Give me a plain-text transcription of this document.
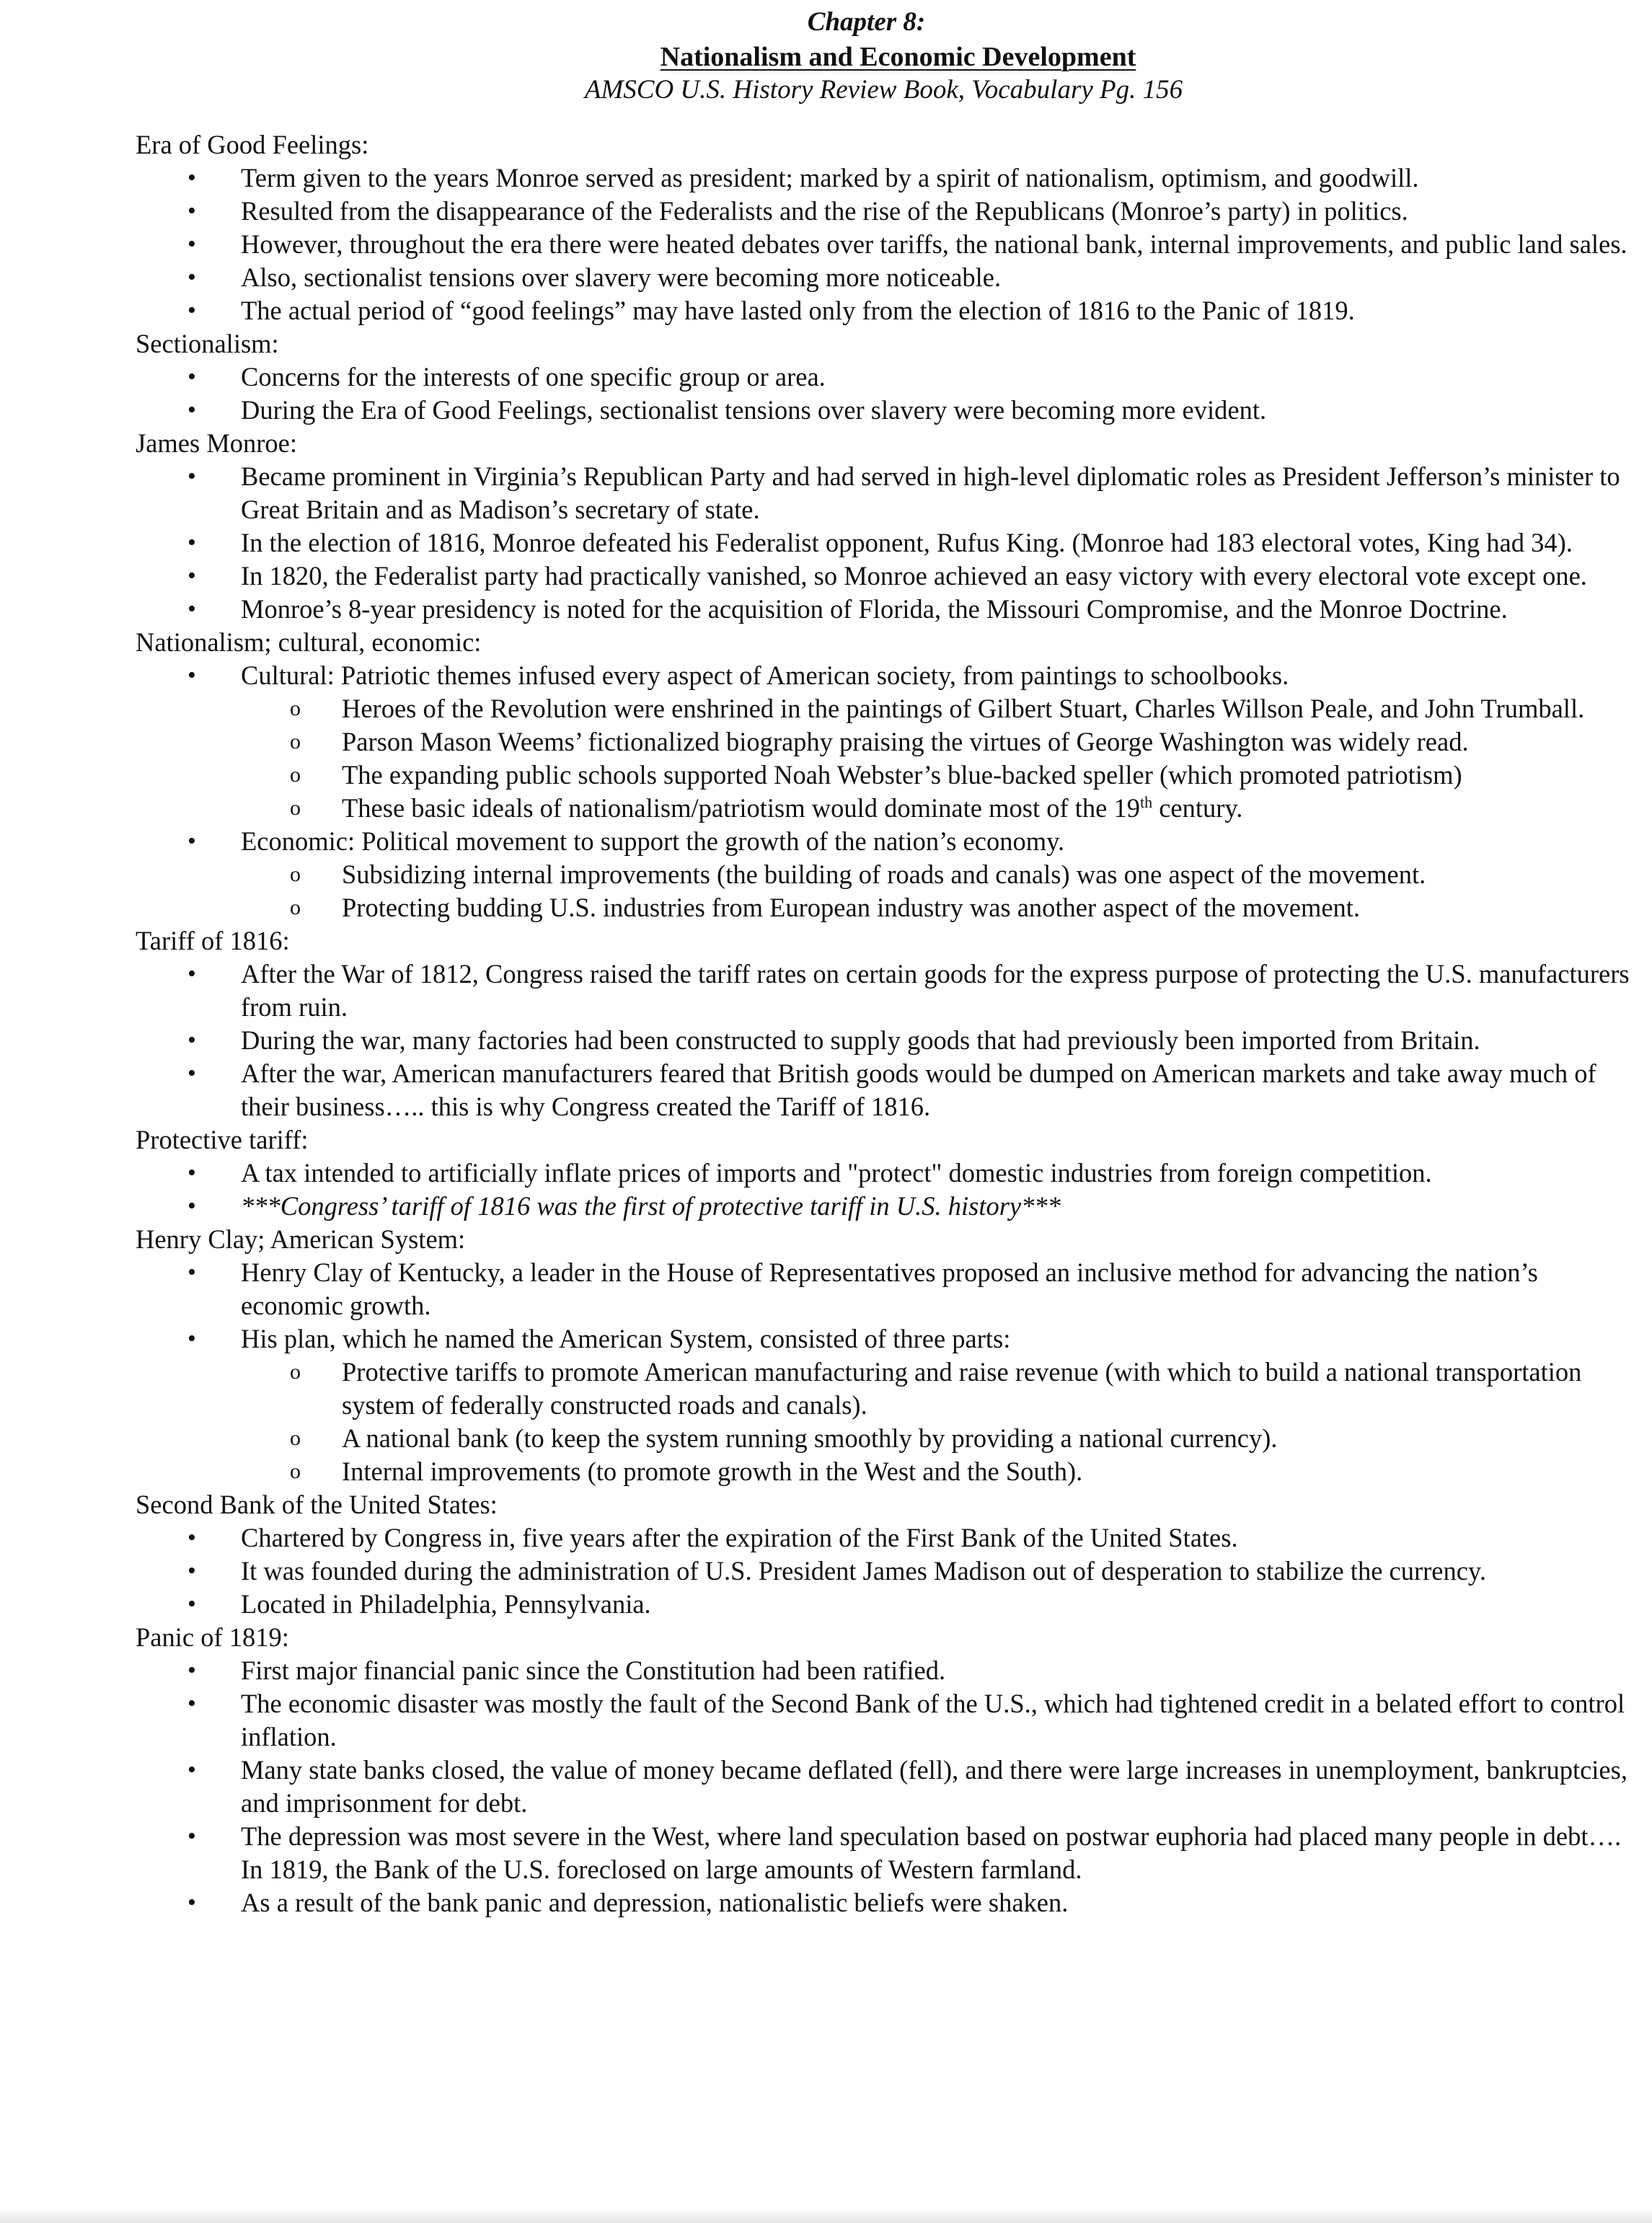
Chapter 8:
Nationalism and Economic Development
AMSCO U.S. History Review Book, Vocabulary Pg. 156
Era of Good Feelings:
• Term given to the years Monroe served as president; marked by a spirit of nationalism, optimism, and goodwill.
• Resulted from the disappearance of the Federalists and the rise of the Republicans (Monroe’s party) in politics.
• However, throughout the era there were heated debates over tariffs, the national bank, internal improvements, and public land sales.
• Also, sectionalist tensions over slavery were becoming more noticeable.
• The actual period of “good feelings” may have lasted only from the election of 1816 to the Panic of 1819.
Sectionalism:
• Concerns for the interests of one specific group or area.
• During the Era of Good Feelings, sectionalist tensions over slavery were becoming more evident.
James Monroe:
• Became prominent in Virginia’s Republican Party and had served in high-level diplomatic roles as President Jefferson’s minister to Great Britain and as Madison’s secretary of state.
• In the election of 1816, Monroe defeated his Federalist opponent, Rufus King. (Monroe had 183 electoral votes, King had 34).
• In 1820, the Federalist party had practically vanished, so Monroe achieved an easy victory with every electoral vote except one.
• Monroe’s 8-year presidency is noted for the acquisition of Florida, the Missouri Compromise, and the Monroe Doctrine.
Nationalism; cultural, economic:
• Cultural: Patriotic themes infused every aspect of American society, from paintings to schoolbooks.
o Heroes of the Revolution were enshrined in the paintings of Gilbert Stuart, Charles Willson Peale, and John Trumball.
o Parson Mason Weems’ fictionalized biography praising the virtues of George Washington was widely read.
o The expanding public schools supported Noah Webster’s blue-backed speller (which promoted patriotism)
o These basic ideals of nationalism/patriotism would dominate most of the 19th century.
• Economic: Political movement to support the growth of the nation’s economy.
o Subsidizing internal improvements (the building of roads and canals) was one aspect of the movement.
o Protecting budding U.S. industries from European industry was another aspect of the movement.
Tariff of 1816:
• After the War of 1812, Congress raised the tariff rates on certain goods for the express purpose of protecting the U.S. manufacturers from ruin.
• During the war, many factories had been constructed to supply goods that had previously been imported from Britain.
• After the war, American manufacturers feared that British goods would be dumped on American markets and take away much of their business….. this is why Congress created the Tariff of 1816.
Protective tariff:
• A tax intended to artificially inflate prices of imports and "protect" domestic industries from foreign competition.
• ***Congress’ tariff of 1816 was the first of protective tariff in U.S. history***
Henry Clay; American System:
• Henry Clay of Kentucky, a leader in the House of Representatives proposed an inclusive method for advancing the nation’s economic growth.
• His plan, which he named the American System, consisted of three parts:
o Protective tariffs to promote American manufacturing and raise revenue (with which to build a national transportation system of federally constructed roads and canals).
o A national bank (to keep the system running smoothly by providing a national currency).
o Internal improvements (to promote growth in the West and the South).
Second Bank of the United States:
• Chartered by Congress in, five years after the expiration of the First Bank of the United States.
• It was founded during the administration of U.S. President James Madison out of desperation to stabilize the currency.
• Located in Philadelphia, Pennsylvania.
Panic of 1819:
• First major financial panic since the Constitution had been ratified.
• The economic disaster was mostly the fault of the Second Bank of the U.S., which had tightened credit in a belated effort to control inflation.
• Many state banks closed, the value of money became deflated (fell), and there were large increases in unemployment, bankruptcies, and imprisonment for debt.
• The depression was most severe in the West, where land speculation based on postwar euphoria had placed many people in debt…. In 1819, the Bank of the U.S. foreclosed on large amounts of Western farmland.
• As a result of the bank panic and depression, nationalistic beliefs were shaken.
